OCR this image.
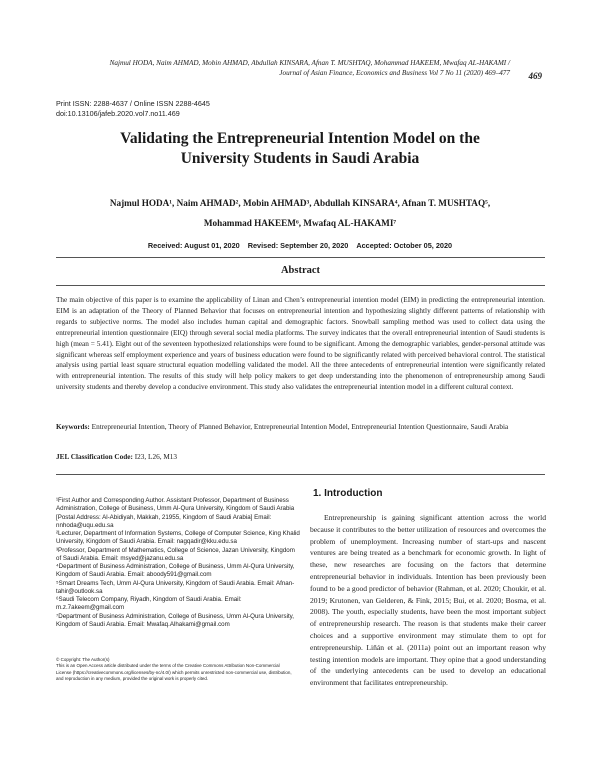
Najmul HODA, Naim AHMAD, Mobin AHMAD, Abdullah KINSARA, Afnan T. MUSHTAQ, Mohammad HAKEEM, Mwafaq AL-HAKAMI /
Journal of Asian Finance, Economics and Business Vol 7 No 11 (2020) 469–477 469
Print ISSN: 2288-4637 / Online ISSN 2288-4645
doi:10.13106/jafeb.2020.vol7.no11.469
Validating the Entrepreneurial Intention Model on the
University Students in Saudi Arabia
Najmul HODA¹, Naim AHMAD², Mobin AHMAD³, Abdullah KINSARA⁴, Afnan T. MUSHTAQ⁵,
Mohammad HAKEEM⁶, Mwafaq AL-HAKAMI⁷
Received: August 01, 2020 Revised: September 20, 2020 Accepted: October 05, 2020
Abstract
The main objective of this paper is to examine the applicability of Linan and Chen’s entrepreneurial intention model (EIM) in predicting the entrepreneurial intention. EIM is an adaptation of the Theory of Planned Behavior that focuses on entrepreneurial intention and hypothesizing slightly different patterns of relationship with regards to subjective norms. The model also includes human capital and demographic factors. Snowball sampling method was used to collect data using the entrepreneurial intention questionnaire (EIQ) through several social media platforms. The survey indicates that the overall entrepreneurial intention of Saudi students is high (mean = 5.41). Eight out of the seventeen hypothesized relationships were found to be significant. Among the demographic variables, gender-personal attitude was significant whereas self employment experience and years of business education were found to be significantly related with perceived behavioral control. The statistical analysis using partial least square structural equation modelling validated the model. All the three antecedents of entrepreneurial intention were significantly related with entrepreneurial intention. The results of this study will help policy makers to get deep understanding into the phenomenon of entrepreneurship among Saudi university students and thereby develop a conducive environment. This study also validates the entrepreneurial intention model in a different cultural context.
Keywords: Entrepreneurial Intention, Theory of Planned Behavior, Entrepreneurial Intention Model, Entrepreneurial Intention Questionnaire, Saudi Arabia
JEL Classification Code: I23, L26, M13

¹First Author and Corresponding Author. Assistant Professor, Department of Business Administration, College of Business, Umm Al-Qura University, Kingdom of Saudi Arabia [Postal Address: Al-Abidiyah, Makkah, 21955, Kingdom of Saudi Arabia] Email: nnhoda@uqu.edu.sa

²Lecturer, Department of Information Systems, College of Computer Science, King Khalid University, Kingdom of Saudi Arabia. Email: nagqadir@kku.edu.sa

³Professor, Department of Mathematics, College of Science, Jazan University, Kingdom of Saudi Arabia. Email: msyed@jazanu.edu.sa

⁴Department of Business Administration, College of Business, Umm Al-Qura University, Kingdom of Saudi Arabia. Email: aboody591@gmail.com

⁵Smart Dreams Tech, Umm Al-Qura University, Kingdom of Saudi Arabia. Email: Afnan-tahir@outlook.sa

⁶Saudi Telecom Company, Riyadh, Kingdom of Saudi Arabia. Email: m.z.7akeem@gmail.com

⁷Department of Business Administration, College of Business, Umm Al-Qura University, Kingdom of Saudi Arabia. Email: Mwafaq.Alhakami@gmail.com

© Copyright: The Author(s)
This is an Open Access article distributed under the terms of the Creative Commons Attribution Non-Commercial License (https://creativecommons.org/licenses/by-nc/4.0/) which permits unrestricted non-commercial use, distribution, and reproduction in any medium, provided the original work is properly cited.
1. Introduction
Entrepreneurship is gaining significant attention across the world because it contributes to the better utilization of resources and overcomes the problem of unemployment. Increasing number of start-ups and nascent ventures are being treated as a benchmark for economic growth. In light of these, new researches are focusing on the factors that determine entrepreneurial behavior in individuals. Intention has been previously been found to be a good predictor of behavior (Rahman, et al. 2020; Choukir, et al. 2019; Krutonen, van Gelderen, & Fink, 2015; Bui, et al. 2020; Bosma, et al. 2008). The youth, especially students, have been the most important subject of entrepreneurship research. The reason is that students make their career choices and a supportive environment may stimulate them to opt for entrepreneurship. Liñán et al. (2011a) point out an important reason why testing intention models are important. They opine that a good understanding of the underlying antecedents can be used to develop an educational environment that facilitates entrepreneurship.
